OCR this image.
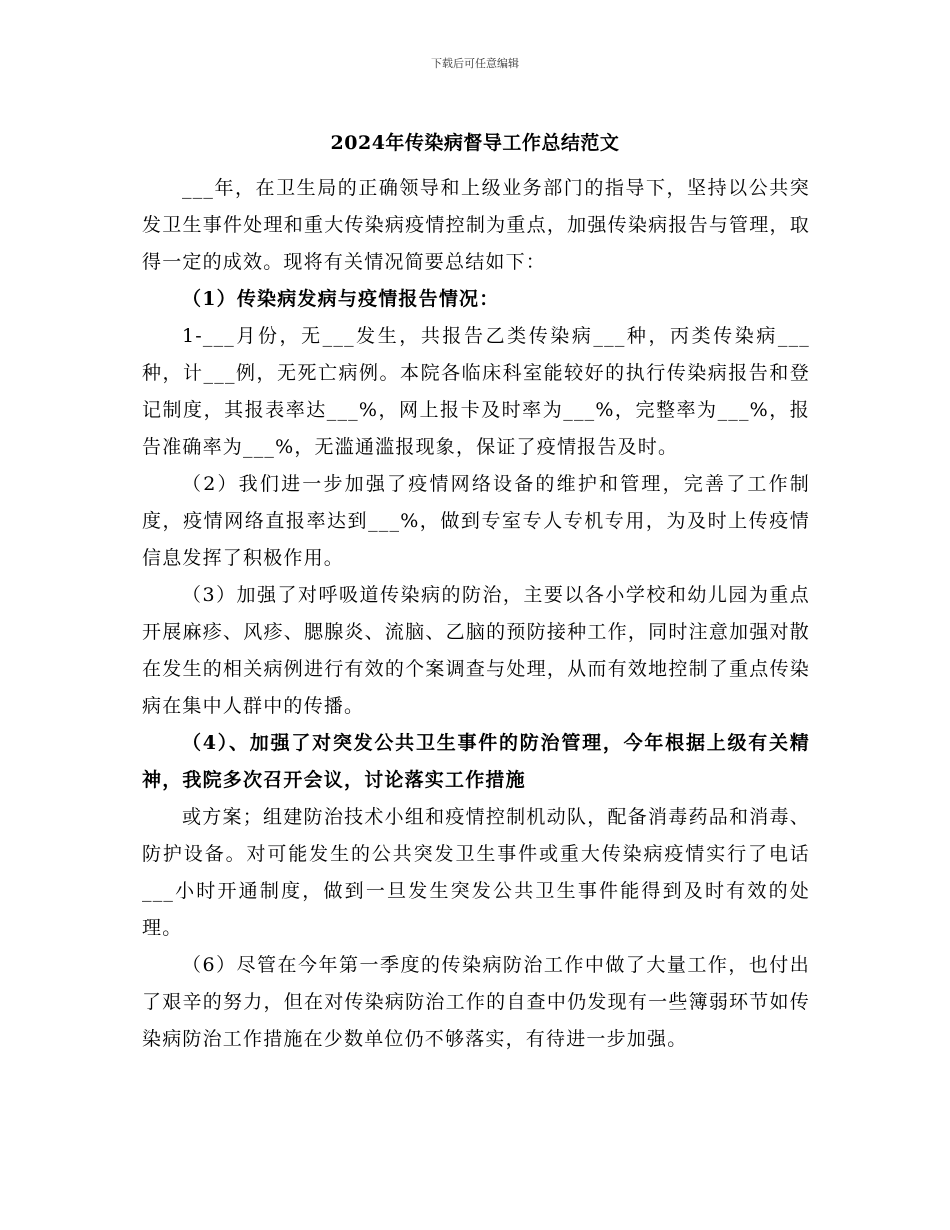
下载后可任意编辑
2024年传染病督导工作总结范文

___年，在卫生局的正确领导和上级业务部门的指导下，坚持以公共突发卫生事件处理和重大传染病疫情控制为重点，加强传染病报告与管理，取得一定的成效。现将有关情况简要总结如下：

（1）传染病发病与疫情报告情况：

1-___月份，无___发生，共报告乙类传染病___种，丙类传染病___种，计___例，无死亡病例。本院各临床科室能较好的执行传染病报告和登记制度，其报表率达___%，网上报卡及时率为___%，完整率为___%，报告准确率为___%，无滥通滥报现象，保证了疫情报告及时。

（2）我们进一步加强了疫情网络设备的维护和管理，完善了工作制度，疫情网络直报率达到___%，做到专室专人专机专用，为及时上传疫情信息发挥了积极作用。

（3）加强了对呼吸道传染病的防治，主要以各小学校和幼儿园为重点开展麻疹、风疹、腮腺炎、流脑、乙脑的预防接种工作，同时注意加强对散在发生的相关病例进行有效的个案调查与处理，从而有效地控制了重点传染病在集中人群中的传播。

（4）、加强了对突发公共卫生事件的防治管理，今年根据上级有关精神，我院多次召开会议，讨论落实工作措施

或方案；组建防治技术小组和疫情控制机动队，配备消毒药品和消毒、防护设备。对可能发生的公共突发卫生事件或重大传染病疫情实行了电话___小时开通制度，做到一旦发生突发公共卫生事件能得到及时有效的处理。

（6）尽管在今年第一季度的传染病防治工作中做了大量工作，也付出了艰辛的努力，但在对传染病防治工作的自查中仍发现有一些簿弱环节如传染病防治工作措施在少数单位仍不够落实，有待进一步加强。
